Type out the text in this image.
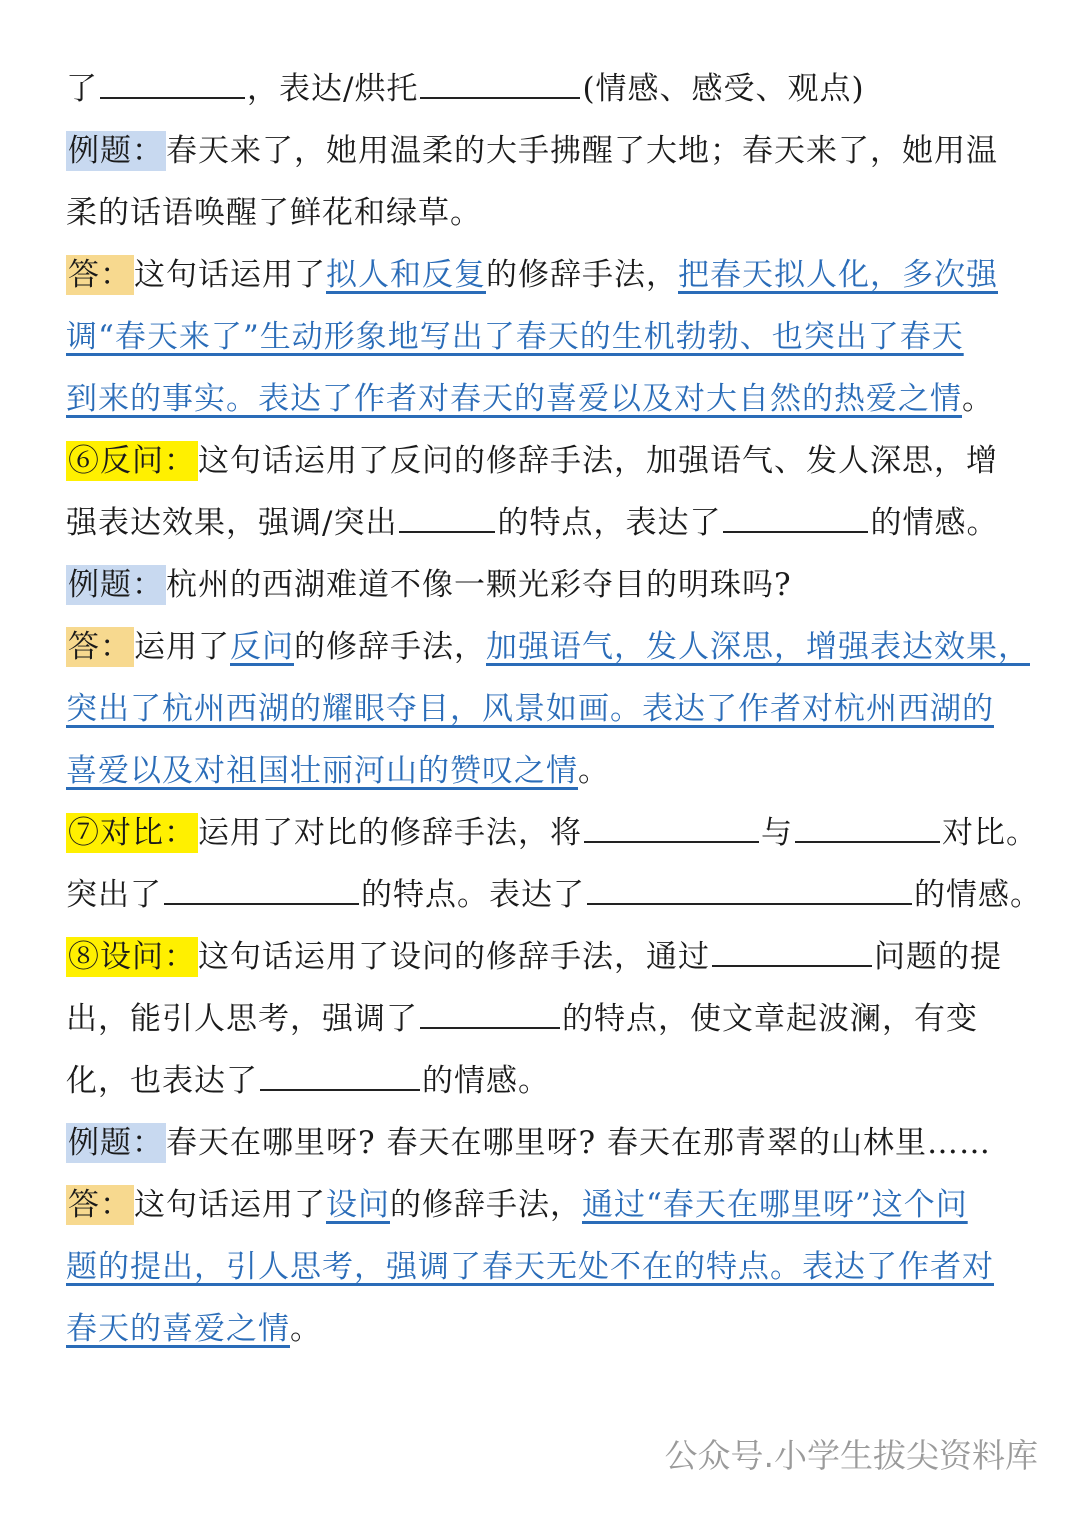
了	，表达/烘托	(情感、感受、观点)
例题：春天来了，她用温柔的大手拂醒了大地；春天来了，她用温
柔的话语唤醒了鲜花和绿草。
答：这句话运用了拟人和反复的修辞手法，把春天拟人化，多次强
调“春天来了”生动形象地写出了春天的生机勃勃、也突出了春天
到来的事实。表达了作者对春天的喜爱以及对大自然的热爱之情。
⑥反问：这句话运用了反问的修辞手法，加强语气、发人深思，增
强表达效果，强调/突出	的特点，表达了	的情感。
例题：杭州的西湖难道不像一颗光彩夺目的明珠吗?
答：运用了反问的修辞手法，加强语气，发人深思，增强表达效果，
突出了杭州西湖的耀眼夺目，风景如画。表达了作者对杭州西湖的
喜爱以及对祖国壮丽河山的赞叹之情。
⑦对比：运用了对比的修辞手法，将	与	对比。
突出了	的特点。表达了	的情感。
⑧设问：这句话运用了设问的修辞手法，通过	问题的提
出，能引人思考，强调了	的特点，使文章起波澜，有变
化，也表达了	的情感。
例题：春天在哪里呀? 春天在哪里呀? 春天在那青翠的山林里……
答：这句话运用了设问的修辞手法，通过“春天在哪里呀”这个问
题的提出，引人思考，强调了春天无处不在的特点。表达了作者对
春天的喜爱之情。
公众号.小学生拔尖资料库
